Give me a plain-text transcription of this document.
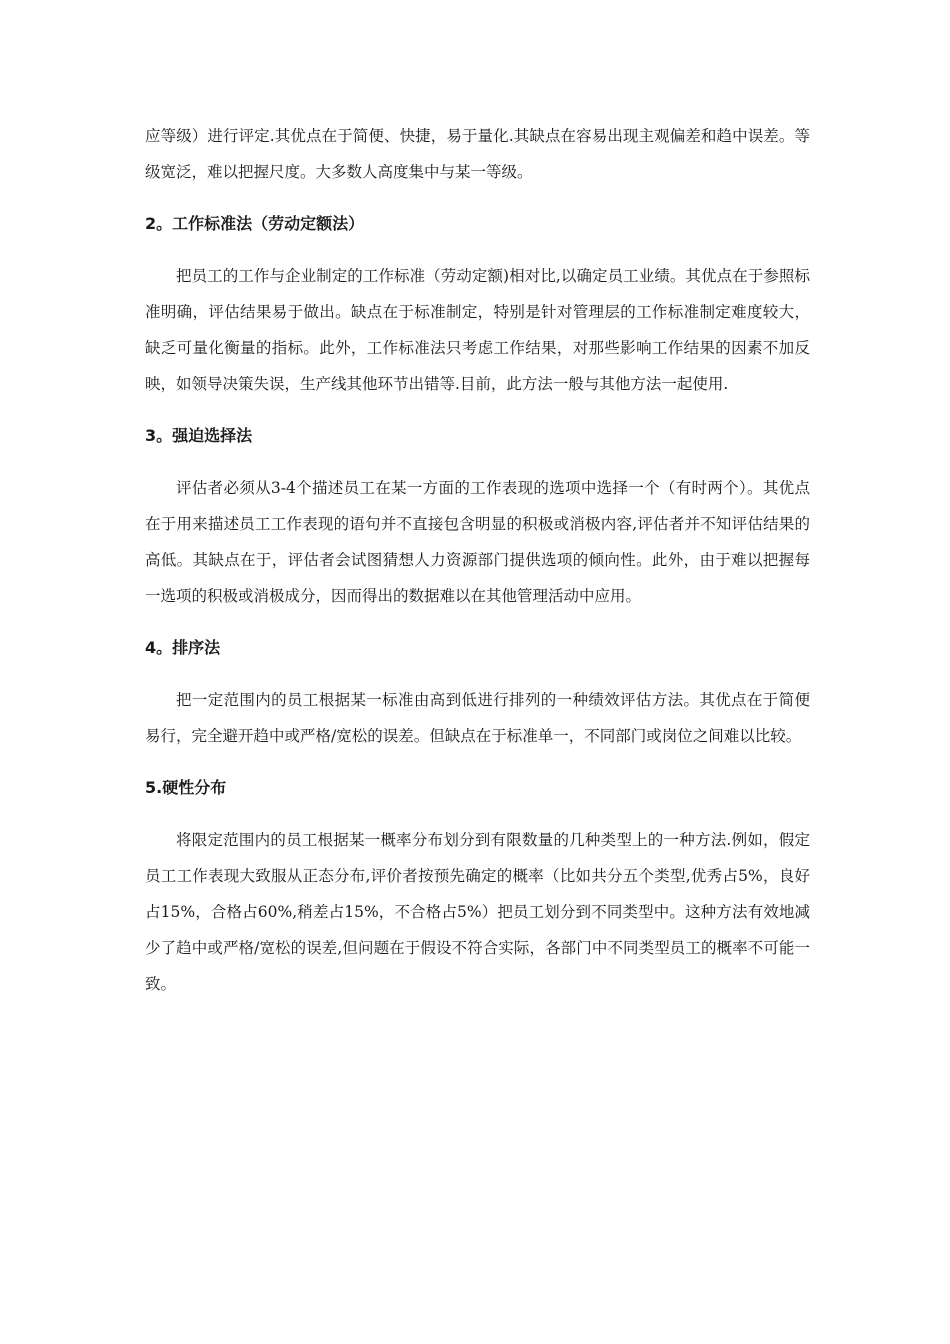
应等级）进行评定.其优点在于简便、快捷，易于量化.其缺点在容易出现主观偏差和趋中误差。等级宽泛，难以把握尺度。大多数人高度集中与某一等级。

2。工作标准法（劳动定额法）

把员工的工作与企业制定的工作标准（劳动定额)相对比,以确定员工业绩。其优点在于参照标准明确，评估结果易于做出。缺点在于标准制定，特别是针对管理层的工作标准制定难度较大，缺乏可量化衡量的指标。此外，工作标准法只考虑工作结果，对那些影响工作结果的因素不加反映，如领导决策失误，生产线其他环节出错等.目前，此方法一般与其他方法一起使用.

3。强迫选择法

评估者必须从3-4个描述员工在某一方面的工作表现的选项中选择一个（有时两个）。其优点在于用来描述员工工作表现的语句并不直接包含明显的积极或消极内容,评估者并不知评估结果的高低。其缺点在于，评估者会试图猜想人力资源部门提供选项的倾向性。此外，由于难以把握每一选项的积极或消极成分，因而得出的数据难以在其他管理活动中应用。

4。排序法

把一定范围内的员工根据某一标准由高到低进行排列的一种绩效评估方法。其优点在于简便易行，完全避开趋中或严格/宽松的误差。但缺点在于标准单一，不同部门或岗位之间难以比较。

5.硬性分布

将限定范围内的员工根据某一概率分布划分到有限数量的几种类型上的一种方法.例如，假定员工工作表现大致服从正态分布,评价者按预先确定的概率（比如共分五个类型,优秀占5%，良好占15%，合格占60%,稍差占15%，不合格占5%）把员工划分到不同类型中。这种方法有效地减少了趋中或严格/宽松的误差,但问题在于假设不符合实际，各部门中不同类型员工的概率不可能一致。
